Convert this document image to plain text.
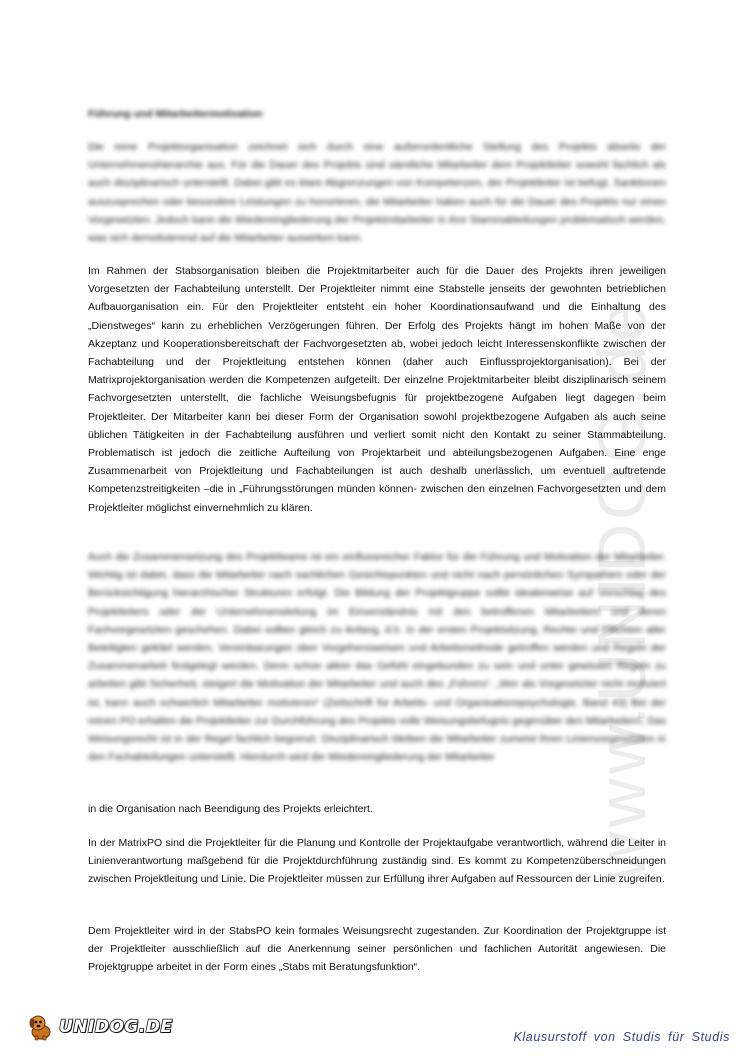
www.UNIDOG.de
Führung und Mitarbeitermotivation

Die reine Projektorganisation zeichnet sich durch eine außerordentliche Stellung des Projekts abseits der Unternehmenshierarchie aus. Für die Dauer des Projekts sind sämtliche Mitarbeiter dem Projektleiter sowohl fachlich als auch disziplinarisch unterstellt. Dabei gibt es klare Abgrenzungen von Kompetenzen, der Projektleiter ist befugt, Sanktionen auszusprechen oder besondere Leistungen zu honorieren, die Mitarbeiter haben auch für die Dauer des Projekts nur einen Vorgesetzten. Jedoch kann die Wiedereingliederung der Projektmitarbeiter in ihre Stammabteilungen problematisch werden, was sich demotivierend auf die Mitarbeiter auswirken kann.

Im Rahmen der Stabsorganisation bleiben die Projektmitarbeiter auch für die Dauer des Projekts ihren jeweiligen Vorgesetzten der Fachabteilung unterstellt. Der Projektleiter nimmt eine Stabstelle jenseits der gewohnten betrieblichen Aufbauorganisation ein. Für den Projektleiter entsteht ein hoher Koordinationsaufwand und die Einhaltung des „Dienstweges“ kann zu erheblichen Verzögerungen führen. Der Erfolg des Projekts hängt im hohen Maße von der Akzeptanz und Kooperationsbereitschaft der Fachvorgesetzten ab, wobei jedoch leicht Interessenskonflikte zwischen der Fachabteilung und der Projektleitung entstehen können (daher auch Einflussprojektorganisation). Bei der Matrixprojektorganisation werden die Kompetenzen aufgeteilt. Der einzelne Projektmitarbeiter bleibt disziplinarisch seinem Fachvorgesetzten unterstellt, die fachliche Weisungsbefugnis für projektbezogene Aufgaben liegt dagegen beim Projektleiter. Der Mitarbeiter kann bei dieser Form der Organisation sowohl projektbezogene Aufgaben als auch seine üblichen Tätigkeiten in der Fachabteilung ausführen und verliert somit nicht den Kontakt zu seiner Stammabteilung. Problematisch ist jedoch die zeitliche Aufteilung von Projektarbeit und abteilungsbezogenen Aufgaben. Eine enge Zusammenarbeit von Projektleitung und Fachabteilungen ist auch deshalb unerlässlich, um eventuell auftretende Kompetenzstreitigkeiten –die in „Führungsstörungen münden können- zwischen den einzelnen Fachvorgesetzten und dem Projektleiter möglichst einvernehmlich zu klären.

Auch die Zusammensetzung des Projektteams ist ein einflussreicher Faktor für die Führung und Motivation der Mitarbeiter. Wichtig ist dabei, dass die Mitarbeiter nach sachlichen Gesichtspunkten und nicht nach persönlichen Sympathien oder der Berücksichtigung hierarchischer Strukturen erfolgt. Die Bildung der Projektgruppe sollte idealerweise auf Vorschlag des Projektleiters oder der Unternehmensleitung im Einverständnis mit den betroffenen Mitarbeitern und deren Fachvorgesetzten geschehen. Dabei sollten gleich zu Anfang, d.h. in der ersten Projektsitzung, Rechte und Pflichten aller Beteiligten geklärt werden, Vereinbarungen über Vorgehensweisen und Arbeitsmethode getroffen werden und Regeln der Zusammenarbeit festgelegt werden. Denn schon allein das Gefühl eingebunden zu sein und unter gewissen Regeln zu arbeiten gibt Sicherheit, steigert die Motivation der Mitarbeiter und auch des „Führers“. „Wer als Vorgesetzter nicht motiviert ist, kann auch schwerlich Mitarbeiter motivieren“ (Zeitschrift für Arbeits- und Organisationspsychologie, Band 43) Bei der reinen PO erhalten die Projektleiter zur Durchführung des Projekts volle Weisungsbefugnis gegenüber den Mitarbeitern. Das Weisungsrecht ist in der Regel fachlich begrenzt. Disziplinarisch bleiben die Mitarbeiter zumeist ihren Linienvorgesetzten in den Fachabteilungen unterstellt. Hierdurch wird die Wiedereingliederung der Mitarbeiter

in die Organisation nach Beendigung des Projekts erleichtert.

In der MatrixPO sind die Projektleiter für die Planung und Kontrolle der Projektaufgabe verantwortlich, während die Leiter in Linienverantwortung maßgebend für die Projektdurchführung zuständig sind. Es kommt zu Kompetenzüberschneidungen zwischen Projektleitung und Linie. Die Projektleiter müssen zur Erfüllung ihrer Aufgaben auf Ressourcen der Linie zugreifen.

Dem Projektleiter wird in der StabsPO kein formales Weisungsrecht zugestanden. Zur Koordination der Projektgruppe ist der Projektleiter ausschließlich auf die Anerkennung seiner persönlichen und fachlichen Autorität angewiesen. Die Projektgruppe arbeitet in der Form eines „Stabs mit Beratungsfunktion“.

UNIDOG.DE	Klausurstoff von Studis für Studis
